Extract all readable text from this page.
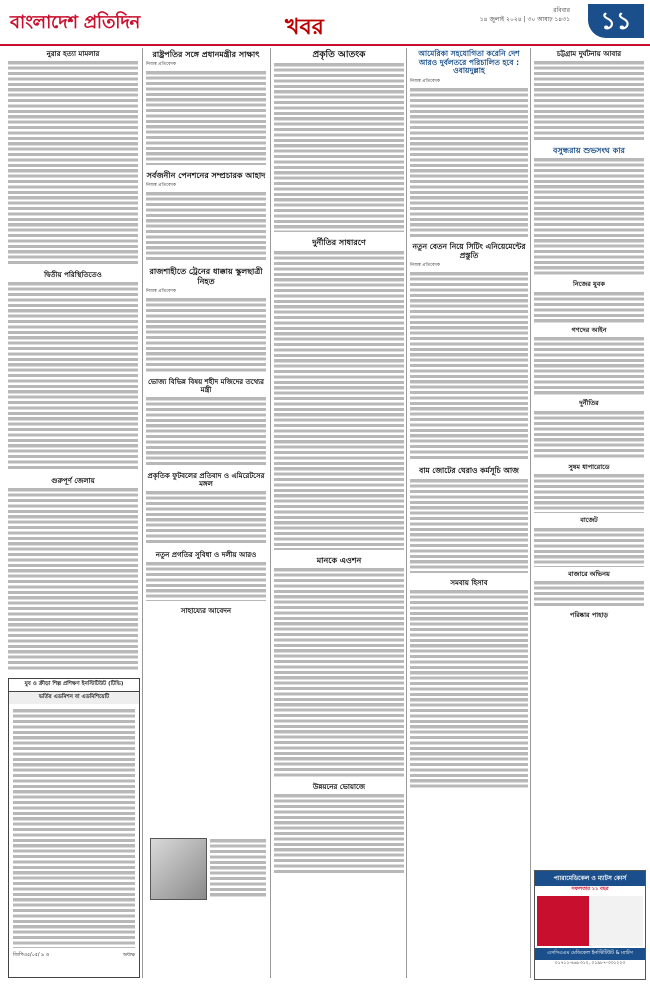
বাংলাদেশ প্রতিদিন	খবর
রবিবার
১৪ জুলাই ২০২৪ | ৩০ আষাঢ় ১৪৩১	১১
নুরার হত্যা মামলার
দ্বিতীয় পরিস্থিতিতেও
গুরুপূর্ণ জেলায়
রাষ্ট্রপতির সঙ্গে প্রধানমন্ত্রীর সাক্ষাৎ
নিজস্ব প্রতিবেদক
সর্বজনীন পেনশনের সম্প্রচারক আহাদ
নিজস্ব প্রতিবেদক
রাজশাহীতে ট্রেনের ধাক্কায় স্কুলছাত্রী নিহত
নিজস্ব প্রতিবেদক
ভোজ্য বিভিন্ন বিষয় শহীদ মজিদের তথ্যের মন্ত্রী
প্রকৃতিক ফুটবলের প্রতিবাদ ও এমিরেটসের মঙ্গল
নতুন প্রগতির সুবিধা ও দলীয় আরও
সাহায্যের আবেদন
প্রকৃতি আতংক
দুর্নীতির সাধারণে
মানকে এওশন
উন্নয়নের ভোয়াজে
আমেরিকা সহযোগিতা করেনি দেশ আরও দুর্বলতরে পরিচালিত হবে : ওবায়দুল্লাহ
নিজস্ব প্রতিবেদক
নতুন বেতন নিয়ে সিটিং এনিয়েমেন্টের প্রস্তুতি
নিজস্ব প্রতিবেদক
বাম জোটের ঘেরাও কর্মসূচি আজ
সমবায় হিসাব
চট্টগ্রাম দুর্ঘটনায় আবার
বসুন্ধরায় শুভসংঘ কার
নিজের যুবক
গণদের আইন
দুর্নীতির
সুষম ধাপারোডে
বাজেট
বাজারে অভিনয়
পরিষ্কার পাহাড়
যুব ও ক্রীড়া শিল্প প্রশিক্ষণ ইনস্টিটিউট (টিভি)
ভর্তির এডমিশন বা এডমিশিয়েটি
জিপিএ৫/০৫/ ৯ ও	অধ্যক্ষ
প্যারামেডিকেল ও ম্যাটস কোর্স
সফলতার ১১ বছর
এসসিএএম মেডিকেল ইনস্টিটিউট & ম্যাটস
০১৭১১-৪৬৮৩১০, ০১৯৮৭-৩৩১২২৩
